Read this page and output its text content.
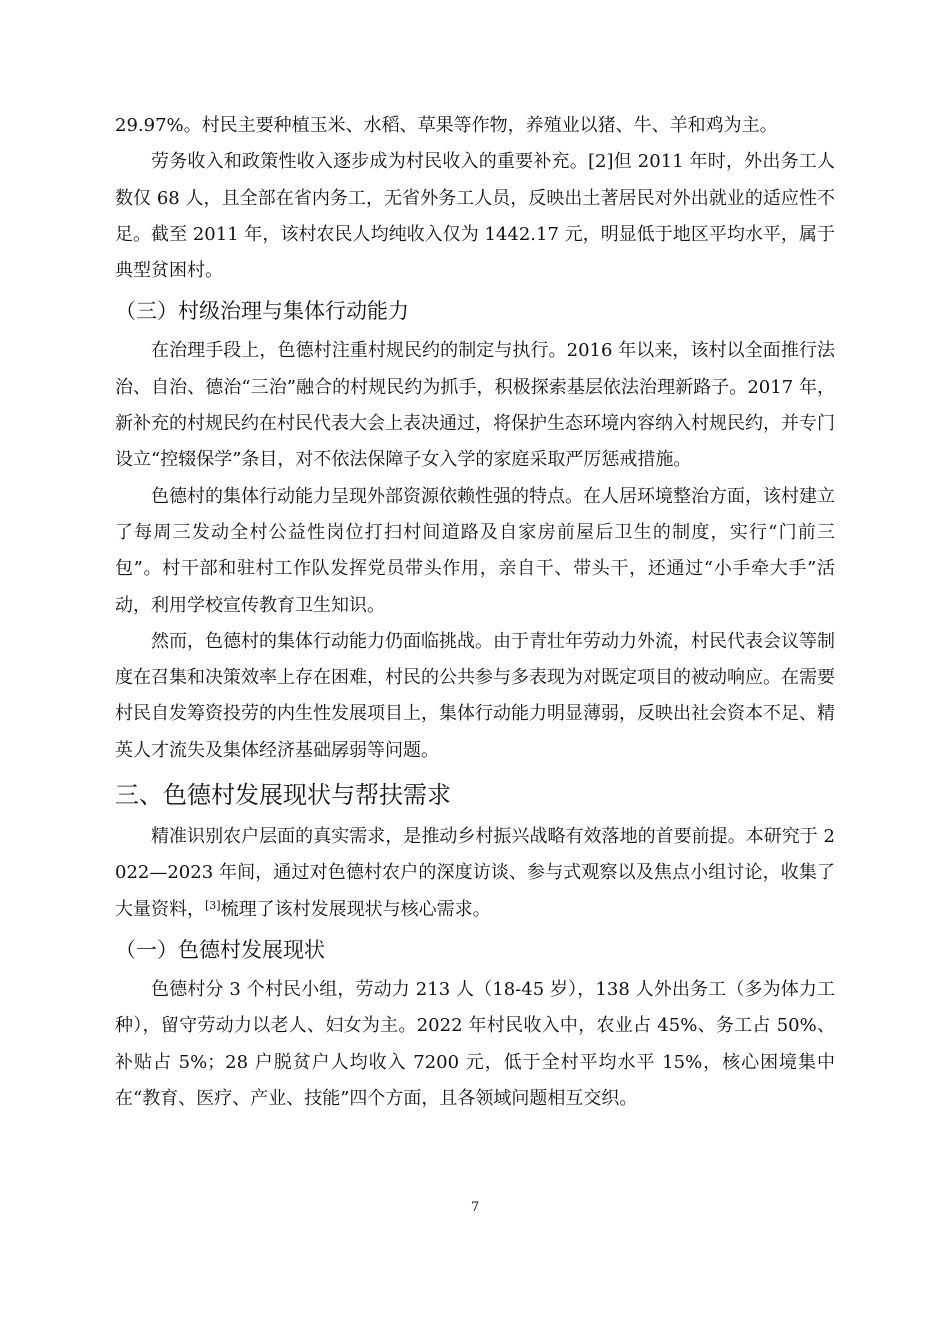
29.97%。村民主要种植玉米、水稻、草果等作物，养殖业以猪、牛、羊和鸡为主。

劳务收入和政策性收入逐步成为村民收入的重要补充。[2]但 2011 年时，外出务工人数仅 68 人，且全部在省内务工，无省外务工人员，反映出土著居民对外出就业的适应性不足。截至 2011 年，该村农民人均纯收入仅为 1442.17 元，明显低于地区平均水平，属于典型贫困村。

（三）村级治理与集体行动能力

在治理手段上，色德村注重村规民约的制定与执行。2016 年以来，该村以全面推行法治、自治、德治“三治”融合的村规民约为抓手，积极探索基层依法治理新路子。2017 年，新补充的村规民约在村民代表大会上表决通过，将保护生态环境内容纳入村规民约，并专门设立“控辍保学”条目，对不依法保障子女入学的家庭采取严厉惩戒措施。

色德村的集体行动能力呈现外部资源依赖性强的特点。在人居环境整治方面，该村建立了每周三发动全村公益性岗位打扫村间道路及自家房前屋后卫生的制度，实行“门前三包”。村干部和驻村工作队发挥党员带头作用，亲自干、带头干，还通过“小手牵大手”活动，利用学校宣传教育卫生知识。

然而，色德村的集体行动能力仍面临挑战。由于青壮年劳动力外流，村民代表会议等制度在召集和决策效率上存在困难，村民的公共参与多表现为对既定项目的被动响应。在需要村民自发筹资投劳的内生性发展项目上，集体行动能力明显薄弱，反映出社会资本不足、精英人才流失及集体经济基础孱弱等问题。

三、色德村发展现状与帮扶需求

精准识别农户层面的真实需求，是推动乡村振兴战略有效落地的首要前提。本研究于 2022—2023 年间，通过对色德村农户的深度访谈、参与式观察以及焦点小组讨论，收集了大量资料，[3]梳理了该村发展现状与核心需求。

（一）色德村发展现状

色德村分 3 个村民小组，劳动力 213 人（18-45 岁），138 人外出务工（多为体力工种），留守劳动力以老人、妇女为主。2022 年村民收入中，农业占 45%、务工占 50%、补贴占 5%；28 户脱贫户人均收入 7200 元，低于全村平均水平 15%，核心困境集中在“教育、医疗、产业、技能”四个方面，且各领域问题相互交织。

7
